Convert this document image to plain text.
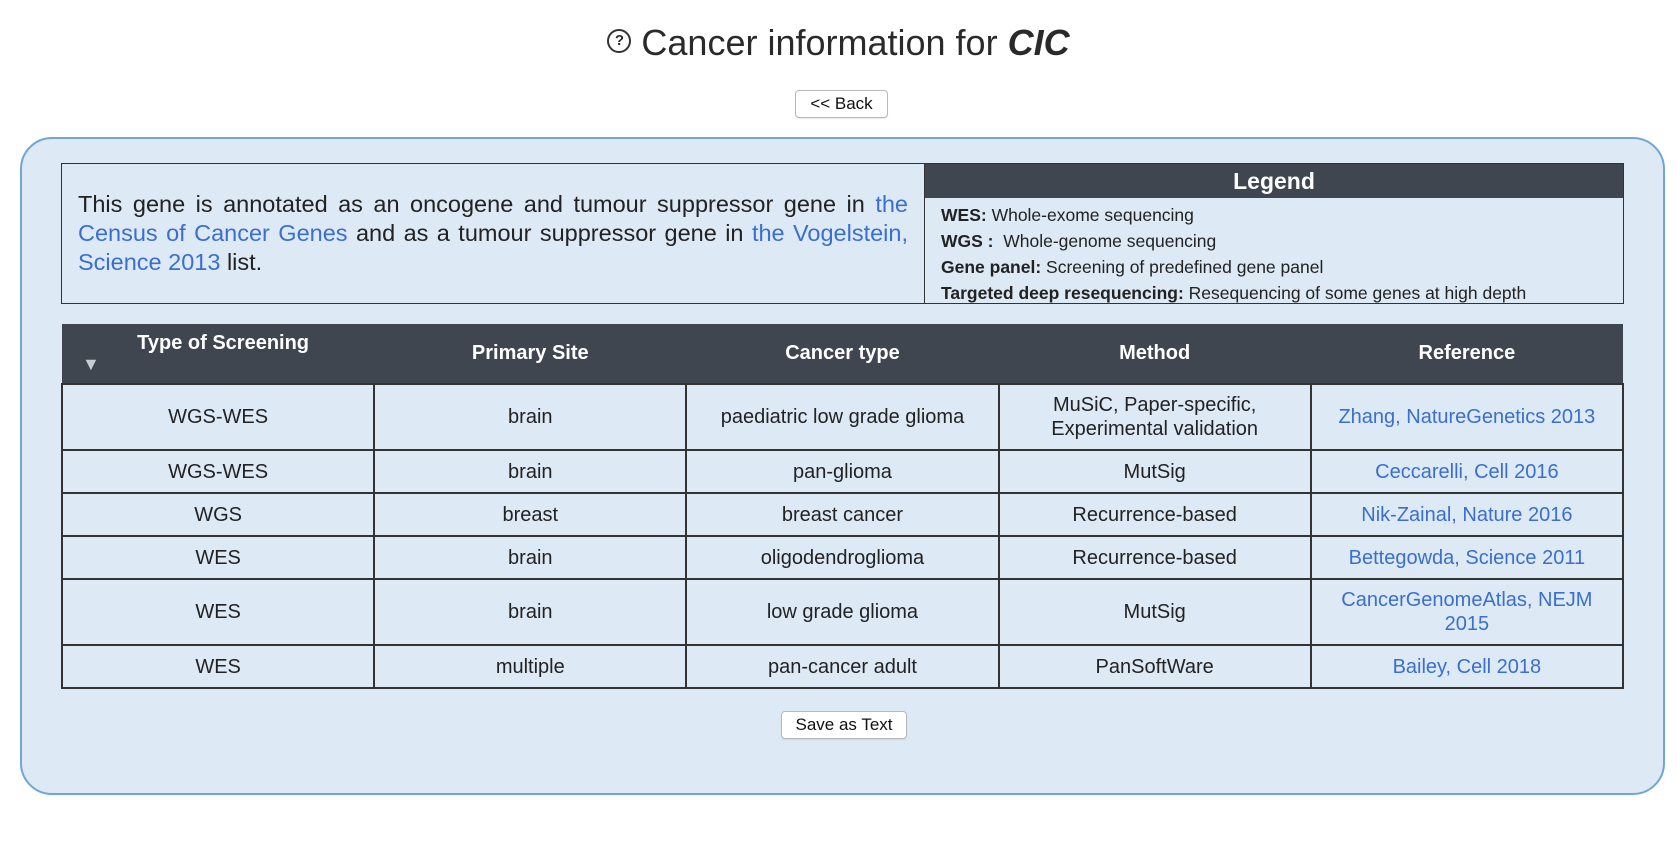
? Cancer information for CIC
<< Back
This gene is annotated as an oncogene and tumour suppressor gene in the Census of Cancer Genes and as a tumour suppressor gene in the Vogelstein, Science 2013 list.
Legend
WES: Whole-exome sequencing
WGS :  Whole-genome sequencing
Gene panel: Screening of predefined gene panel
Targeted deep resequencing: Resequencing of some genes at high depth
▼
Type of Screening	Primary Site	Cancer type	Method	Reference
WGS-WES	brain	paediatric low grade glioma	MuSiC, Paper-specific, Experimental validation	Zhang, NatureGenetics 2013
WGS-WES	brain	pan-glioma	MutSig	Ceccarelli, Cell 2016
WGS	breast	breast cancer	Recurrence-based	Nik-Zainal, Nature 2016
WES	brain	oligodendroglioma	Recurrence-based	Bettegowda, Science 2011
WES	brain	low grade glioma	MutSig	CancerGenomeAtlas, NEJM 2015
WES	multiple	pan-cancer adult	PanSoftWare	Bailey, Cell 2018
Save as Text
